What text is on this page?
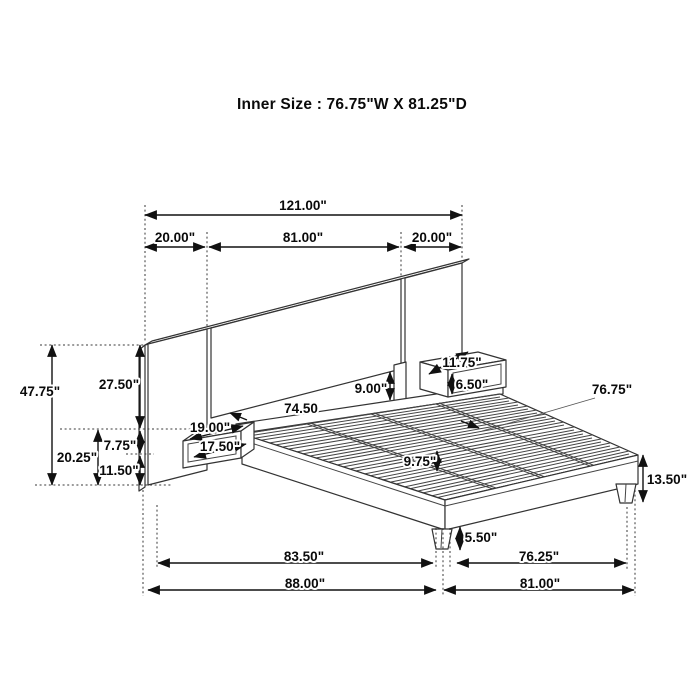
Inner Size : 76.75"W X 81.25"D
121.00"
20.00"	81.00"	20.00"
47.75"	27.50"
20.25"
7.75"
11.50"
19.00"
17.50"
74.50
9.00"
11.75"
6.50"
9.75"
76.75"
13.50"
5.50"
83.50"
88.00"
76.25"
81.00"
